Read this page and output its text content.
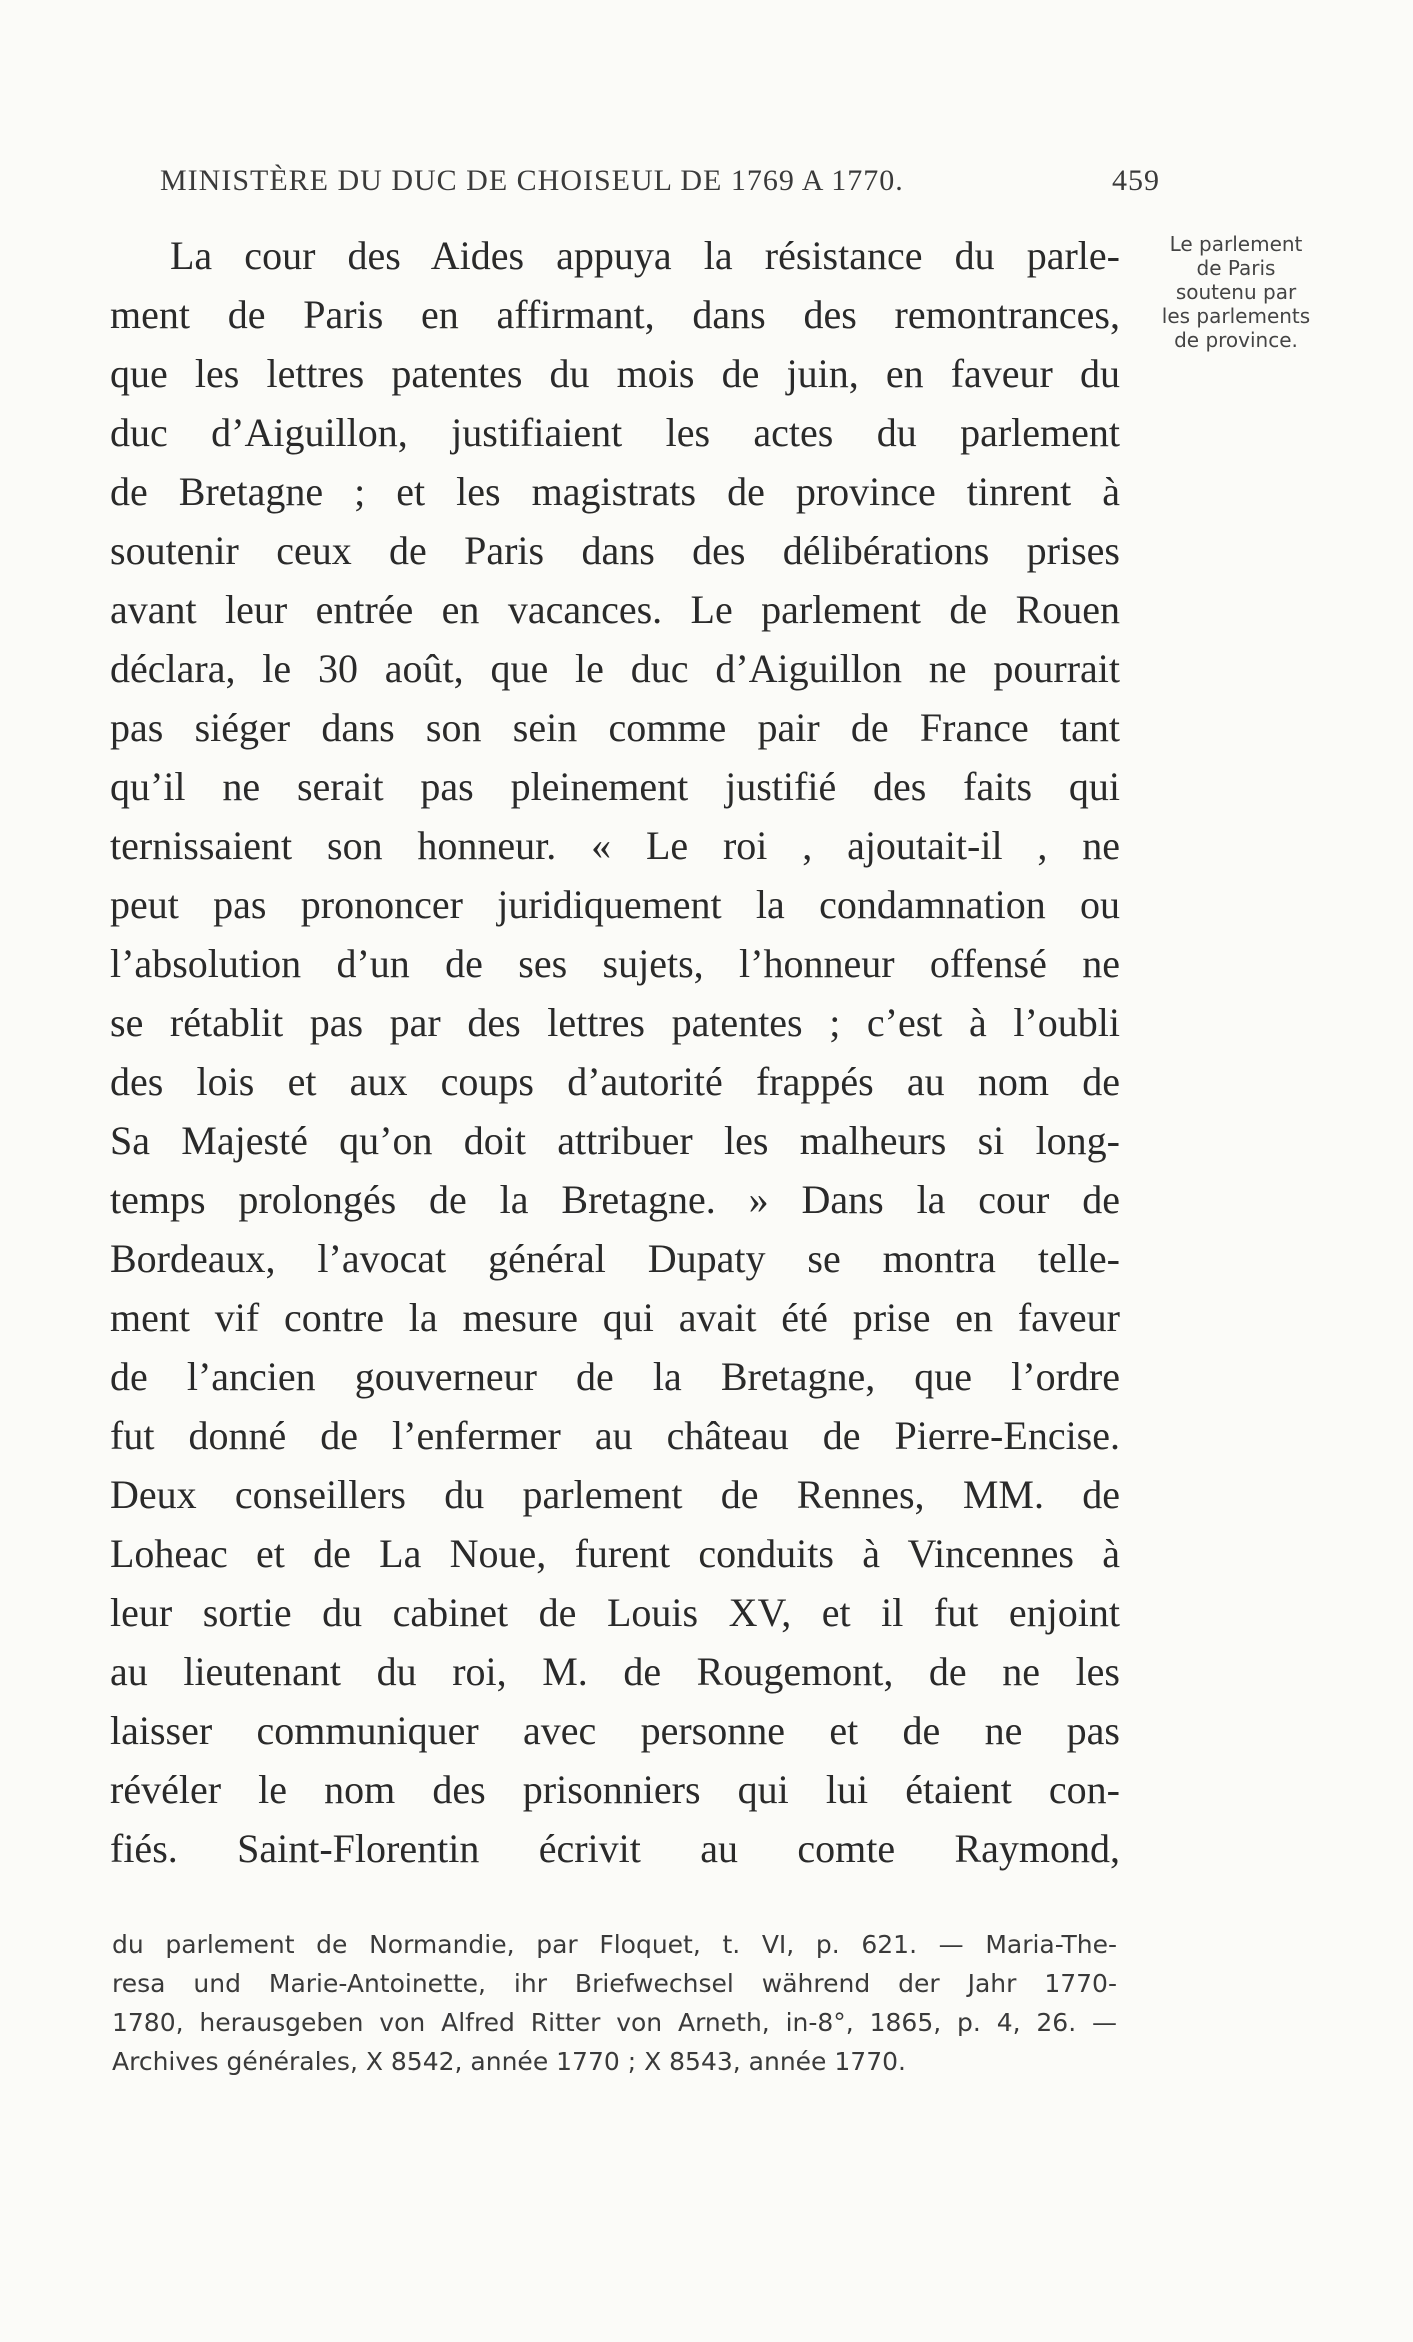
MINISTÈRE DU DUC DE CHOISEUL DE 1769 A 1770.	459
Le parlement
de Paris
soutenu par
les parlements
de province.
La cour des Aides appuya la résistance du parle-
ment de Paris en affirmant, dans des remontrances,
que les lettres patentes du mois de juin, en faveur du
duc d’Aiguillon, justifiaient les actes du parlement
de Bretagne ; et les magistrats de province tinrent à
soutenir ceux de Paris dans des délibérations prises
avant leur entrée en vacances. Le parlement de Rouen
déclara, le 30 août, que le duc d’Aiguillon ne pourrait
pas siéger dans son sein comme pair de France tant
qu’il ne serait pas pleinement justifié des faits qui
ternissaient son honneur. « Le roi , ajoutait-il , ne
peut pas prononcer juridiquement la condamnation ou
l’absolution d’un de ses sujets, l’honneur offensé ne
se rétablit pas par des lettres patentes ; c’est à l’oubli
des lois et aux coups d’autorité frappés au nom de
Sa Majesté qu’on doit attribuer les malheurs si long-
temps prolongés de la Bretagne. » Dans la cour de
Bordeaux, l’avocat général Dupaty se montra telle-
ment vif contre la mesure qui avait été prise en faveur
de l’ancien gouverneur de la Bretagne, que l’ordre
fut donné de l’enfermer au château de Pierre-Encise.
Deux conseillers du parlement de Rennes, MM. de
Loheac et de La Noue, furent conduits à Vincennes à
leur sortie du cabinet de Louis XV, et il fut enjoint
au lieutenant du roi, M. de Rougemont, de ne les
laisser communiquer avec personne et de ne pas
révéler le nom des prisonniers qui lui étaient con-
fiés. Saint-Florentin écrivit au comte Raymond,
du parlement de Normandie, par Floquet, t. VI, p. 621. — Maria-The-
resa und Marie-Antoinette, ihr Briefwechsel während der Jahr 1770-
1780, herausgeben von Alfred Ritter von Arneth, in-8°, 1865, p. 4, 26. —
Archives générales, X 8542, année 1770 ; X 8543, année 1770.
